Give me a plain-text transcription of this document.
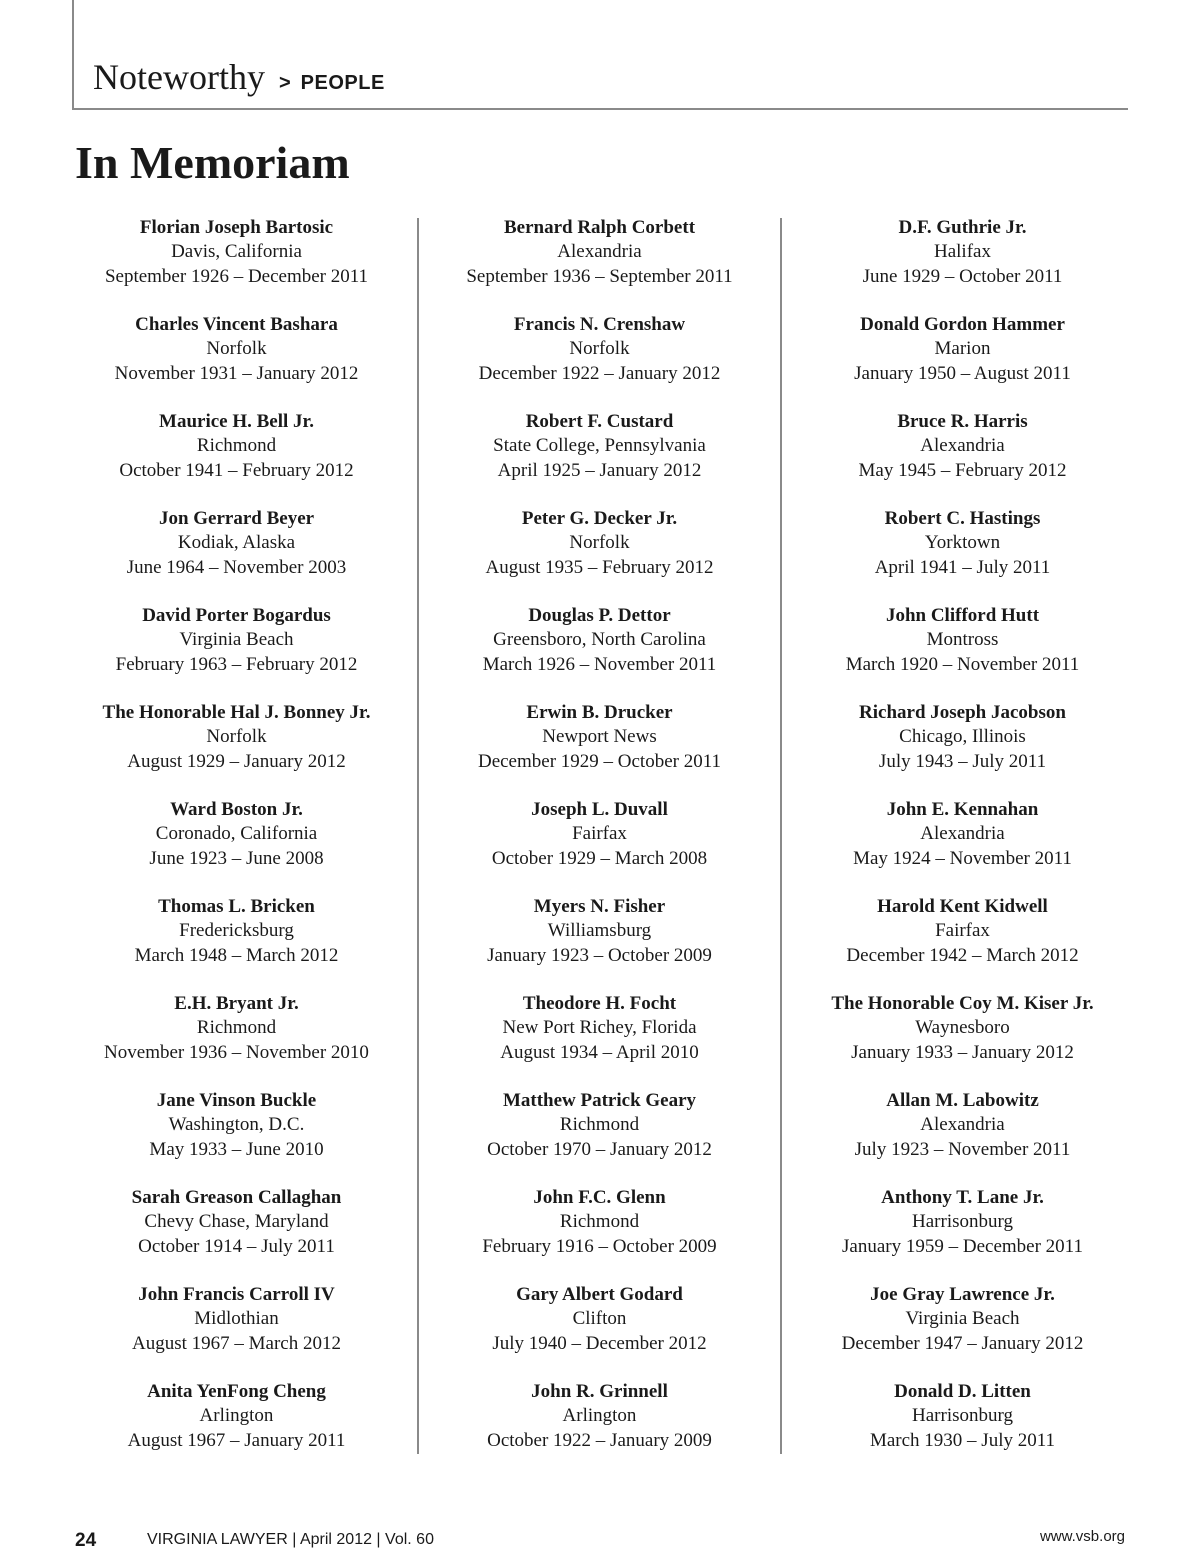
Noteworthy > PEOPLE
In Memoriam
Florian Joseph Bartosic
Davis, California
September 1926 – December 2011
Charles Vincent Bashara
Norfolk
November 1931 – January 2012
Maurice H. Bell Jr.
Richmond
October 1941 – February 2012
Jon Gerrard Beyer
Kodiak, Alaska
June 1964 – November 2003
David Porter Bogardus
Virginia Beach
February 1963 – February 2012
The Honorable Hal J. Bonney Jr.
Norfolk
August 1929 – January 2012
Ward Boston Jr.
Coronado, California
June 1923 – June 2008
Thomas L. Bricken
Fredericksburg
March 1948 – March 2012
E.H. Bryant Jr.
Richmond
November 1936 – November 2010
Jane Vinson Buckle
Washington, D.C.
May 1933 – June 2010
Sarah Greason Callaghan
Chevy Chase, Maryland
October 1914 – July 2011
John Francis Carroll IV
Midlothian
August 1967 – March 2012
Anita YenFong Cheng
Arlington
August 1967 – January 2011
Bernard Ralph Corbett
Alexandria
September 1936 – September 2011
Francis N. Crenshaw
Norfolk
December 1922 – January 2012
Robert F. Custard
State College, Pennsylvania
April 1925 – January 2012
Peter G. Decker Jr.
Norfolk
August 1935 – February 2012
Douglas P. Dettor
Greensboro, North Carolina
March 1926 – November 2011
Erwin B. Drucker
Newport News
December 1929 – October 2011
Joseph L. Duvall
Fairfax
October 1929 – March 2008
Myers N. Fisher
Williamsburg
January 1923 – October 2009
Theodore H. Focht
New Port Richey, Florida
August 1934 – April 2010
Matthew Patrick Geary
Richmond
October 1970 – January 2012
John F.C. Glenn
Richmond
February 1916 – October 2009
Gary Albert Godard
Clifton
July 1940 – December 2012
John R. Grinnell
Arlington
October 1922 – January 2009
D.F. Guthrie Jr.
Halifax
June 1929 – October 2011
Donald Gordon Hammer
Marion
January 1950 – August 2011
Bruce R. Harris
Alexandria
May 1945 – February 2012
Robert C. Hastings
Yorktown
April 1941 – July 2011
John Clifford Hutt
Montross
March 1920 – November 2011
Richard Joseph Jacobson
Chicago, Illinois
July 1943 – July 2011
John E. Kennahan
Alexandria
May 1924 – November 2011
Harold Kent Kidwell
Fairfax
December 1942 – March 2012
The Honorable Coy M. Kiser Jr.
Waynesboro
January 1933 – January 2012
Allan M. Labowitz
Alexandria
July 1923 – November 2011
Anthony T. Lane Jr.
Harrisonburg
January 1959 – December 2011
Joe Gray Lawrence Jr.
Virginia Beach
December 1947 – January 2012
Donald D. Litten
Harrisonburg
March 1930 – July 2011
24	VIRGINIA LAWYER | April 2012 | Vol. 60	www.vsb.org
